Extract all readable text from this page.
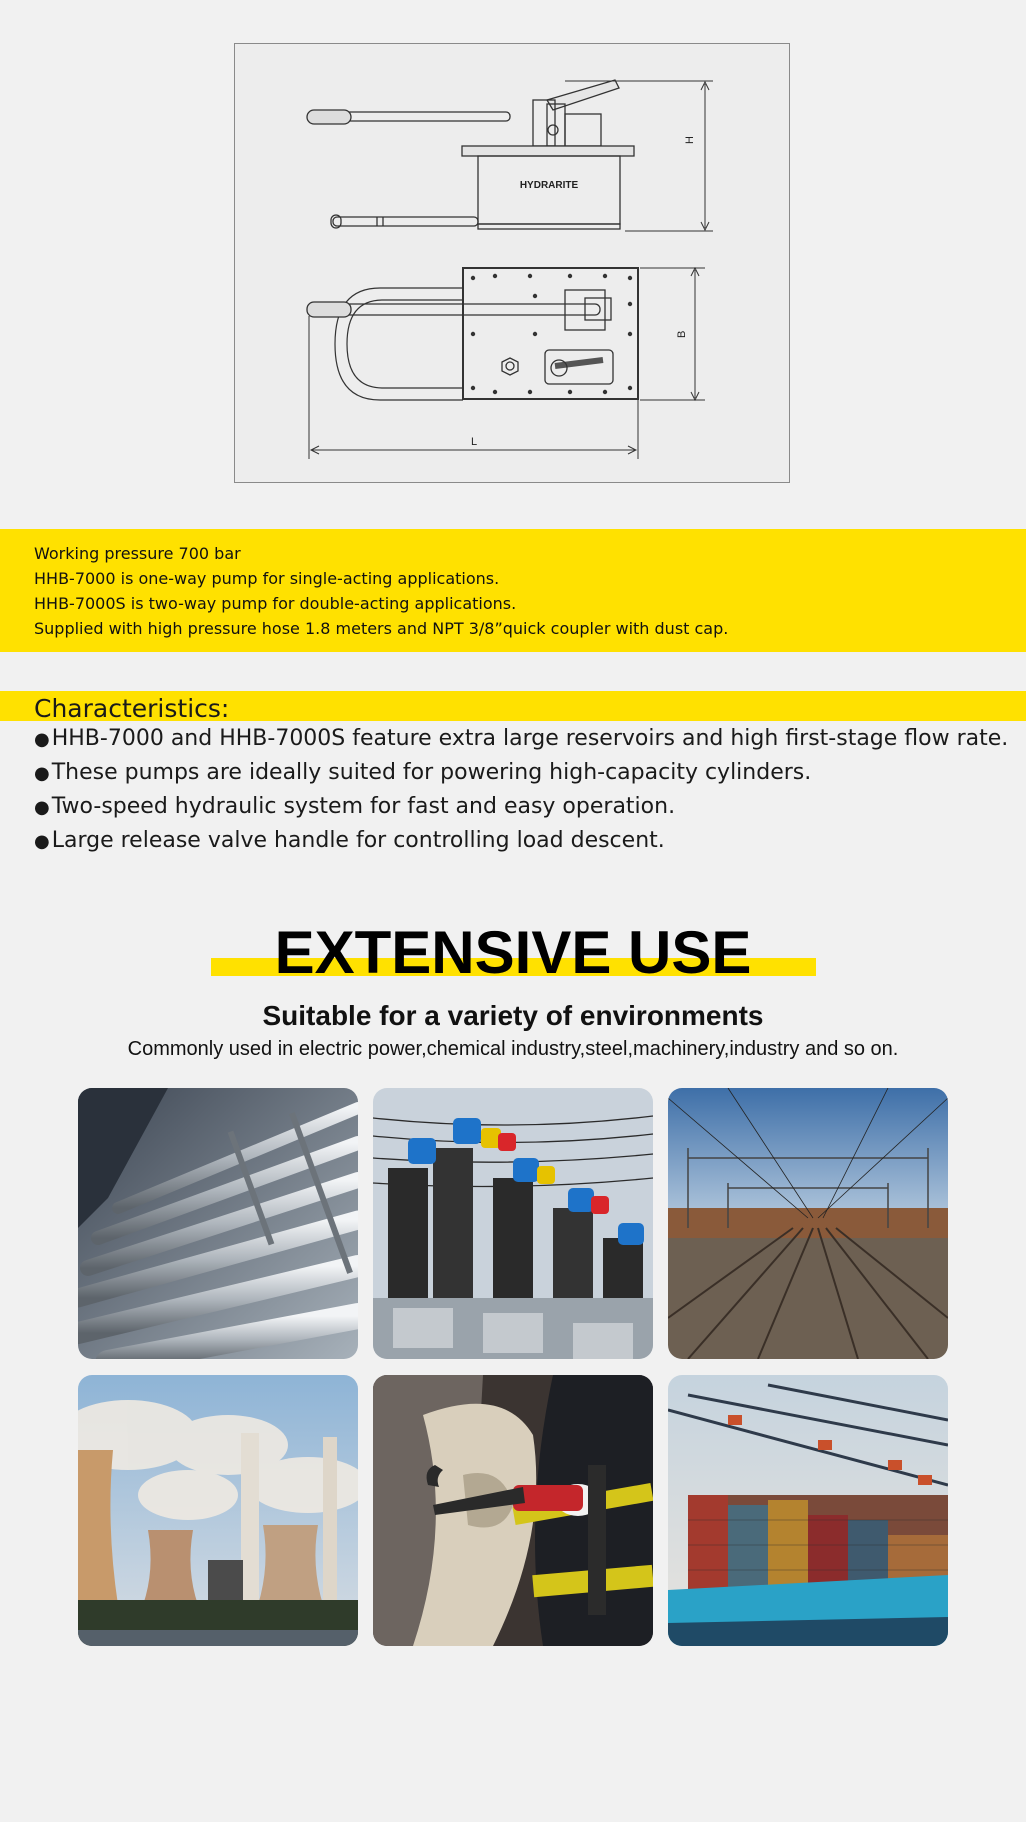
HYDRARITE
H
B
L
Working pressure 700 bar
HHB-7000 is one-way pump for single-acting applications.
HHB-7000S is two-way pump for double-acting applications.
Supplied with high pressure hose 1.8 meters and NPT 3/8”quick coupler with dust cap.
Characteristics:
●HHB-7000 and HHB-7000S feature extra large reservoirs and high first-stage flow rate.
●These pumps are ideally suited for powering high-capacity cylinders.
●Two-speed hydraulic system for fast and easy operation.
●Large release valve handle for controlling load descent.
EXTENSIVE USE
Suitable for a variety of environments
Commonly used in electric power,chemical industry,steel,machinery,industry and so on.
